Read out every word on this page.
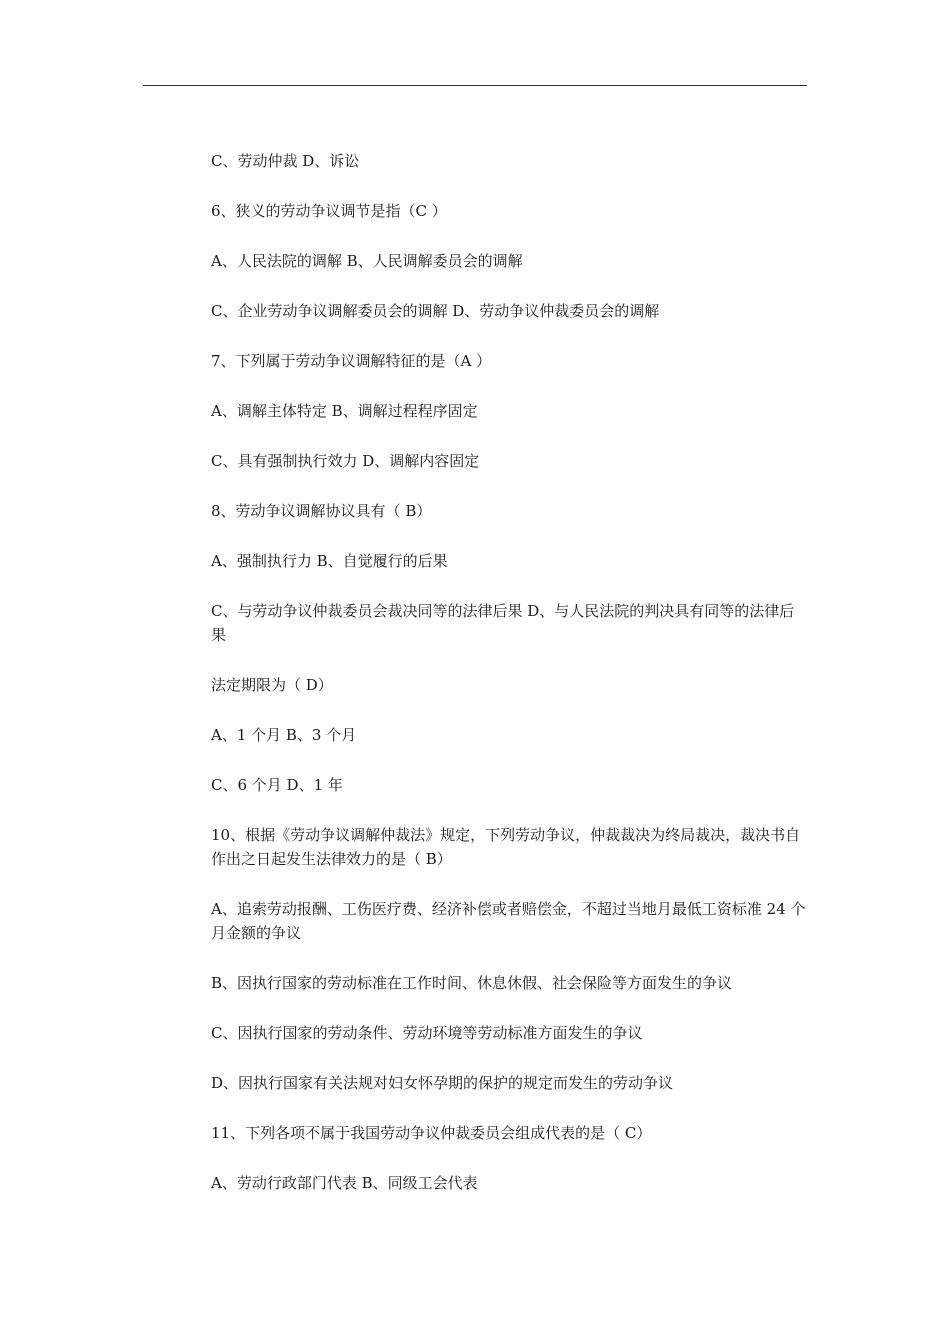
C、劳动仲裁 D、诉讼

6、狭义的劳动争议调节是指（C ）

A、人民法院的调解 B、人民调解委员会的调解

C、企业劳动争议调解委员会的调解 D、劳动争议仲裁委员会的调解

7、下列属于劳动争议调解特征的是（A ）

A、调解主体特定 B、调解过程程序固定

C、具有强制执行效力 D、调解内容固定

8、劳动争议调解协议具有（ B）

A、强制执行力 B、自觉履行的后果

C、与劳动争议仲裁委员会裁决同等的法律后果 D、与人民法院的判决具有同等的法律后果

法定期限为（ D）

A、1 个月 B、3 个月

C、6 个月 D、1 年

10、根据《劳动争议调解仲裁法》规定，下列劳动争议，仲裁裁决为终局裁决，裁决书自作出之日起发生法律效力的是（ B）

A、追索劳动报酬、工伤医疗费、经济补偿或者赔偿金，不超过当地月最低工资标准 24 个月金额的争议

B、因执行国家的劳动标准在工作时间、休息休假、社会保险等方面发生的争议

C、因执行国家的劳动条件、劳动环境等劳动标准方面发生的争议

D、因执行国家有关法规对妇女怀孕期的保护的规定而发生的劳动争议

11、下列各项不属于我国劳动争议仲裁委员会组成代表的是（ C）

A、劳动行政部门代表 B、同级工会代表
